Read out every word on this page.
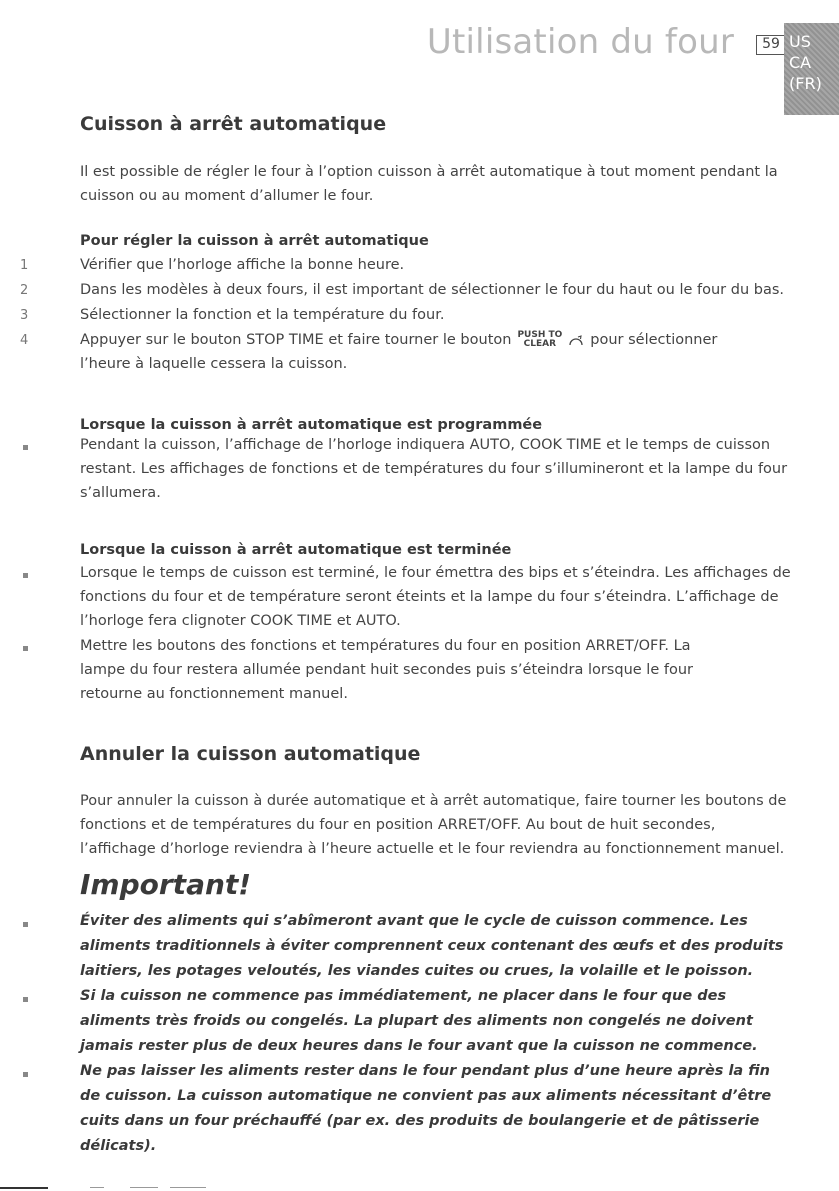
Utilisation du four	59 US
CA
(FR)
Cuisson à arrêt automatique
Il est possible de régler le four à l’option cuisson à arrêt automatique à tout moment pendant la cuisson ou au moment d’allumer le four.
Pour régler la cuisson à arrêt automatique
1	Vérifier que l’horloge affiche la bonne heure.
2	Dans les modèles à deux fours, il est important de sélectionner le four du haut ou le four du bas.
3	Sélectionner la fonction et la température du four.
4	Appuyer sur le bouton STOP TIME et faire tourner le bouton PUSH TO
CLEAR pour sélectionner
l’heure à laquelle cessera la cuisson.
Lorsque la cuisson à arrêt automatique est programmée
Pendant la cuisson, l’affichage de l’horloge indiquera AUTO, COOK TIME et le temps de cuisson restant. Les affichages de fonctions et de températures du four s’illumineront et la lampe du four s’allumera.
Lorsque la cuisson à arrêt automatique est terminée
Lorsque le temps de cuisson est terminé, le four émettra des bips et s’éteindra. Les affichages de fonctions du four et de température seront éteints et la lampe du four s’éteindra. L’affichage de l’horloge fera clignoter COOK TIME et AUTO.
Mettre les boutons des fonctions et températures du four en position ARRET/OFF. La lampe du four restera allumée pendant huit secondes puis s’éteindra lorsque le four retourne au fonctionnement manuel.
Annuler la cuisson automatique
Pour annuler la cuisson à durée automatique et à arrêt automatique, faire tourner les boutons de fonctions et de températures du four en position ARRET/OFF. Au bout de huit secondes, l’affichage d’horloge reviendra à l’heure actuelle et le four reviendra au fonctionnement manuel.
Important!
Éviter des aliments qui s’abîmeront avant que le cycle de cuisson commence. Les aliments traditionnels à éviter comprennent ceux contenant des œufs et des produits laitiers, les potages veloutés, les viandes cuites ou crues, la volaille et le poisson.
Si la cuisson ne commence pas immédiatement, ne placer dans le four que des aliments très froids ou congelés. La plupart des aliments non congelés ne doivent jamais rester plus de deux heures dans le four avant que la cuisson ne commence.
Ne pas laisser les aliments rester dans le four pendant plus d’une heure après la fin de cuisson. La cuisson automatique ne convient pas aux aliments nécessitant d’être cuits dans un four préchauffé (par ex. des produits de boulangerie et de pâtisserie délicats).
